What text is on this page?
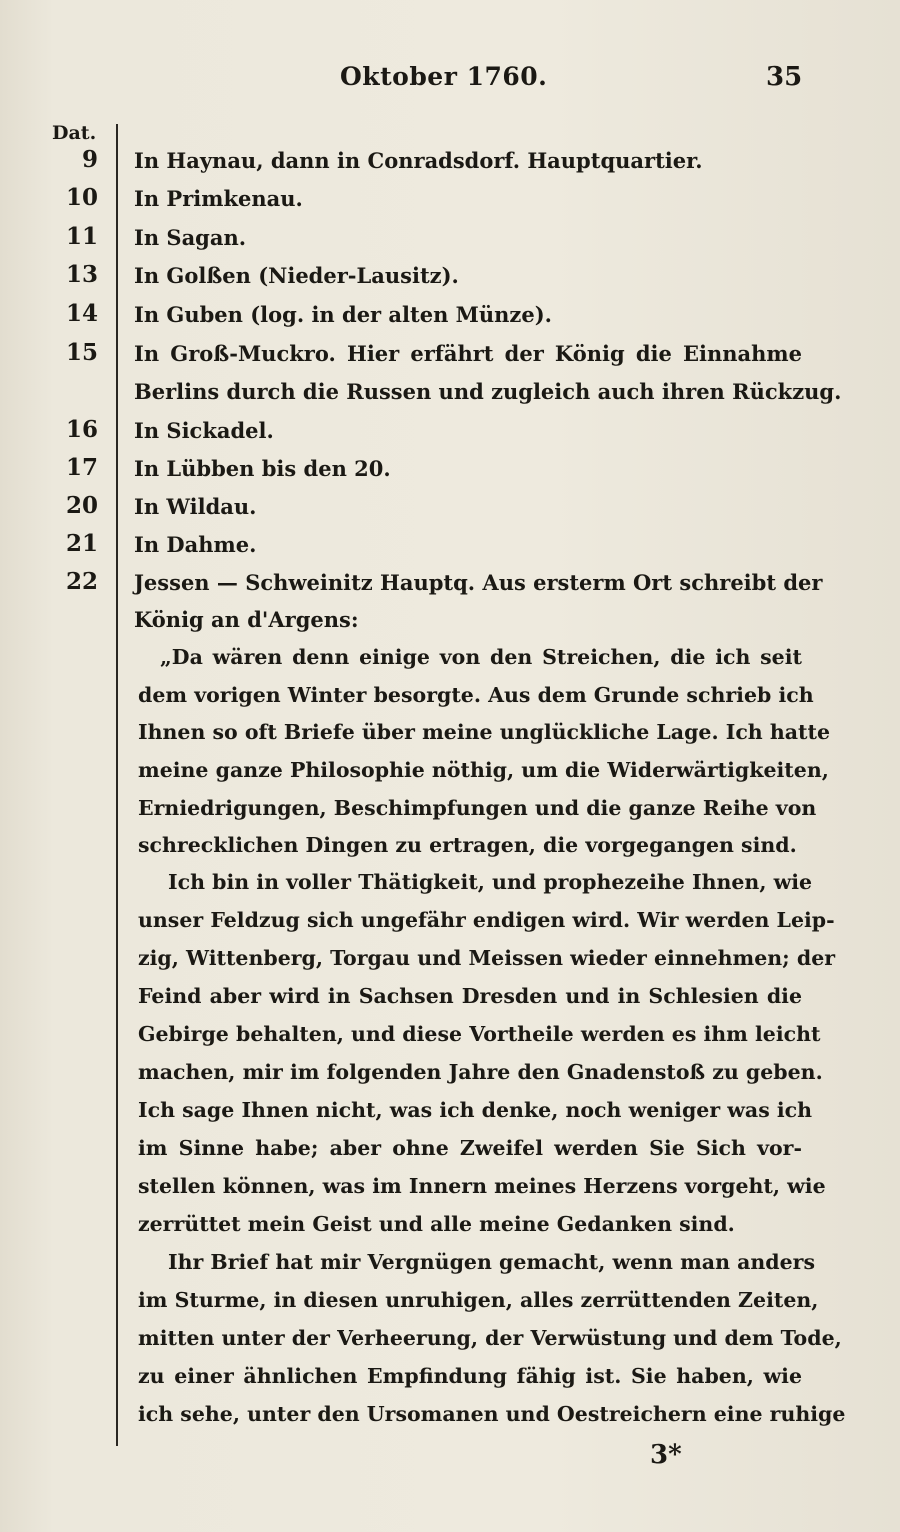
Oktober 1760.	35
Dat.
9 In Haynau, dann in Conradsdorf. Hauptquartier.
10 In Primkenau.
11 In Sagan.
13 In Golßen (Nieder-Lausitz).
14 In Guben (log. in der alten Münze).
15 In Groß-Muckro. Hier erfährt der König die Einnahme
Berlins durch die Russen und zugleich auch ihren Rückzug.
16 In Sickadel.
17 In Lübben bis den 20.
20 In Wildau.
21 In Dahme.
22 Jessen — Schweinitz Hauptq. Aus ersterm Ort schreibt der
König an d'Argens:
„Da wären denn einige von den Streichen, die ich seit
dem vorigen Winter besorgte. Aus dem Grunde schrieb ich
Ihnen so oft Briefe über meine unglückliche Lage. Ich hatte
meine ganze Philosophie nöthig, um die Widerwärtigkeiten,
Erniedrigungen, Beschimpfungen und die ganze Reihe von
schrecklichen Dingen zu ertragen, die vorgegangen sind.
Ich bin in voller Thätigkeit, und prophezeihe Ihnen, wie
unser Feldzug sich ungefähr endigen wird. Wir werden Leip-
zig, Wittenberg, Torgau und Meissen wieder einnehmen; der
Feind aber wird in Sachsen Dresden und in Schlesien die
Gebirge behalten, und diese Vortheile werden es ihm leicht
machen, mir im folgenden Jahre den Gnadenstoß zu geben.
Ich sage Ihnen nicht, was ich denke, noch weniger was ich
im Sinne habe; aber ohne Zweifel werden Sie Sich vor-
stellen können, was im Innern meines Herzens vorgeht, wie
zerrüttet mein Geist und alle meine Gedanken sind.
Ihr Brief hat mir Vergnügen gemacht, wenn man anders
im Sturme, in diesen unruhigen, alles zerrüttenden Zeiten,
mitten unter der Verheerung, der Verwüstung und dem Tode,
zu einer ähnlichen Empfindung fähig ist. Sie haben, wie
ich sehe, unter den Ursomanen und Oestreichern eine ruhige
3*
